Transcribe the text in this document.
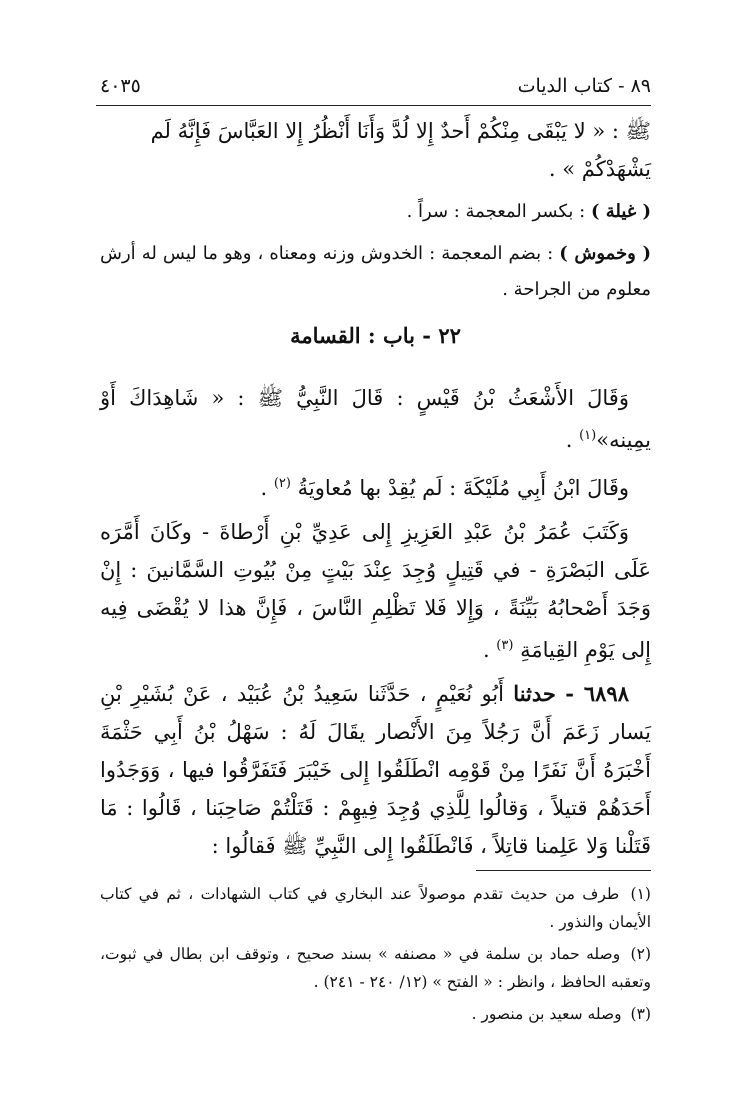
٨٩ - كتاب الديات
٤٠٣٥

ﷺ : « لا يَبْقَى مِنْكُمْ أَحدٌ إِلا لُدَّ وَأَنَا أَنْظُرُ إِلا العَبَّاسَ فَإِنَّهُ لَم

يَشْهَدْكُمْ » .

( غيلة ) : بكسر المعجمة : سراً .

( وخموش ) : بضم المعجمة : الخدوش وزنه ومعناه ، وهو ما ليس له أرش معلوم من الجراحة .

٢٢ - باب : القسامة

وَقَالَ الأَشْعَثُ بْنُ قَيْسٍ : قَالَ النَّبِيُّ ﷺ : « شَاهِدَاكَ أَوْ يمِينه»$^{(١)}$ .

وقَالَ ابْنُ أَبِي مُلَيْكَةَ : لَم يُقِدْ بها مُعاويَةُ $^{(٢)}$ .

وَكَتَبَ عُمَرُ بْنُ عَبْدِ العَزِيزِ إِلى عَدِيِّ بْنِ أَرْطاةَ - وكَانَ أَمَّرَه عَلَى البَصْرَةِ - في قَتِيلٍ وُجِدَ عِنْدَ بَيْتٍ مِنْ بُيُوتِ السَّمَّانينَ : إِنْ وَجَدَ أَصْحابُهُ بَيِّنَةً ، وَإِلا فَلا تَظْلِمِ النَّاسَ ، فَإِنَّ هذا لا يُقْضَى فِيه إِلى يَوْمِ القِيامَةِ $^{(٣)}$ .

٦٨٩٨ - حدثنا أَبُو نُعَيْمٍ ، حَدَّثَنا سَعِيدُ بْنُ عُبَيْد ، عَنْ بُشَيْرِ بْنِ يَسار زَعَمَ أَنَّ رَجُلاً مِنَ الأَنْصار يقَالَ لَهُ : سَهْلُ بْنُ أَبِي حَثْمَةَ أَخْبَرَهُ أَنَّ نَفَرًا مِنْ قَوْمِه انْطَلَقُوا إِلى خَيْبَرَ فَتَفَرَّقُوا فيها ، وَوَجَدُوا أَحَدَهُمْ قتيلاً ، وَقالُوا لِلَّذِي وُجِدَ فِيهِمْ : قَتَلْتُمْ صَاحِبَنا ، قَالُوا : مَا قَتَلْنا وَلا عَلِمنا قاتِلاً ، فَانْطَلَقُوا إِلى النَّبِيِّ ﷺ فَقالُوا :

(١) طرف من حديث تقدم موصولاً عند البخاري في كتاب الشهادات ، ثم في كتاب الأيمان والنذور .

(٢) وصله حماد بن سلمة في « مصنفه » بسند صحيح ، وتوقف ابن بطال في ثبوت، وتعقبه الحافظ ، وانظر : « الفتح » (١٢/ ٢٤٠ - ٢٤١) .

(٣) وصله سعيد بن منصور .
